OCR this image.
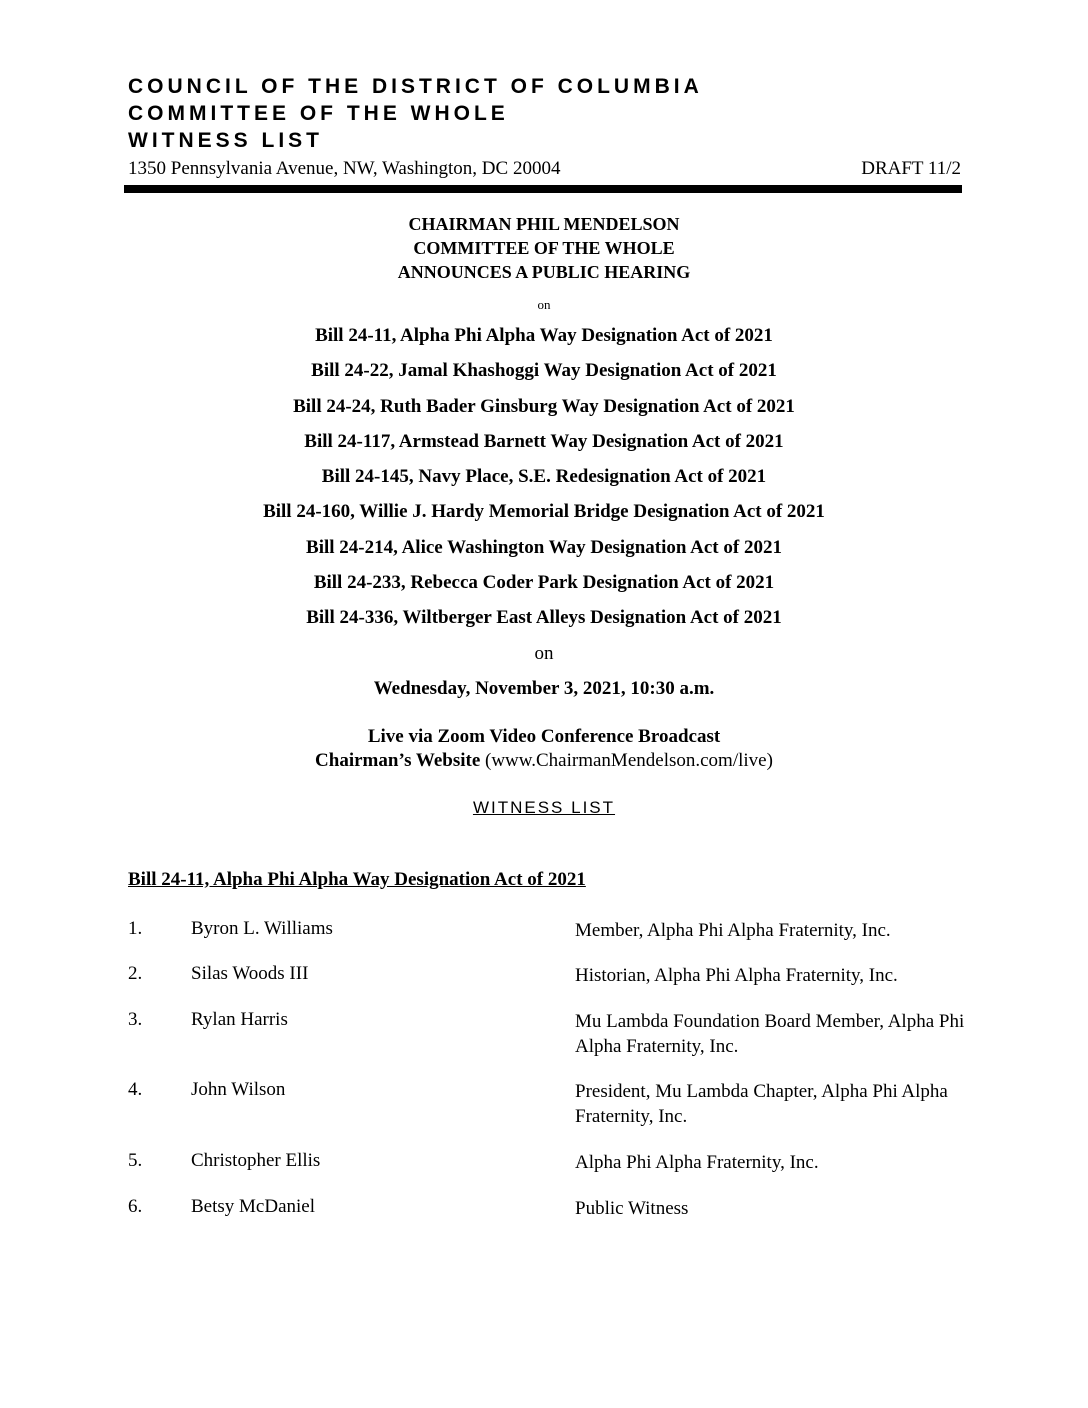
COUNCIL OF THE DISTRICT OF COLUMBIA
COMMITTEE OF THE WHOLE
WITNESS LIST
1350 Pennsylvania Avenue, NW, Washington, DC 20004	DRAFT 11/2
CHAIRMAN PHIL MENDELSON
COMMITTEE OF THE WHOLE
ANNOUNCES A PUBLIC HEARING
on
Bill 24-11, Alpha Phi Alpha Way Designation Act of 2021
Bill 24-22, Jamal Khashoggi Way Designation Act of 2021
Bill 24-24, Ruth Bader Ginsburg Way Designation Act of 2021
Bill 24-117, Armstead Barnett Way Designation Act of 2021
Bill 24-145, Navy Place, S.E. Redesignation Act of 2021
Bill 24-160, Willie J. Hardy Memorial Bridge Designation Act of 2021
Bill 24-214, Alice Washington Way Designation Act of 2021
Bill 24-233, Rebecca Coder Park Designation Act of 2021
Bill 24-336, Wiltberger East Alleys Designation Act of 2021
on
Wednesday, November 3, 2021, 10:30 a.m.
Live via Zoom Video Conference Broadcast
Chairman’s Website (www.ChairmanMendelson.com/live)
WITNESS LIST
Bill 24-11, Alpha Phi Alpha Way Designation Act of 2021
1.	Byron L. Williams	Member, Alpha Phi Alpha Fraternity, Inc.
2.	Silas Woods III	Historian, Alpha Phi Alpha Fraternity, Inc.
3.	Rylan Harris	Mu Lambda Foundation Board Member, Alpha Phi Alpha Fraternity, Inc.
4.	John Wilson	President, Mu Lambda Chapter, Alpha Phi Alpha Fraternity, Inc.
5.	Christopher Ellis	Alpha Phi Alpha Fraternity, Inc.
6.	Betsy McDaniel	Public Witness
